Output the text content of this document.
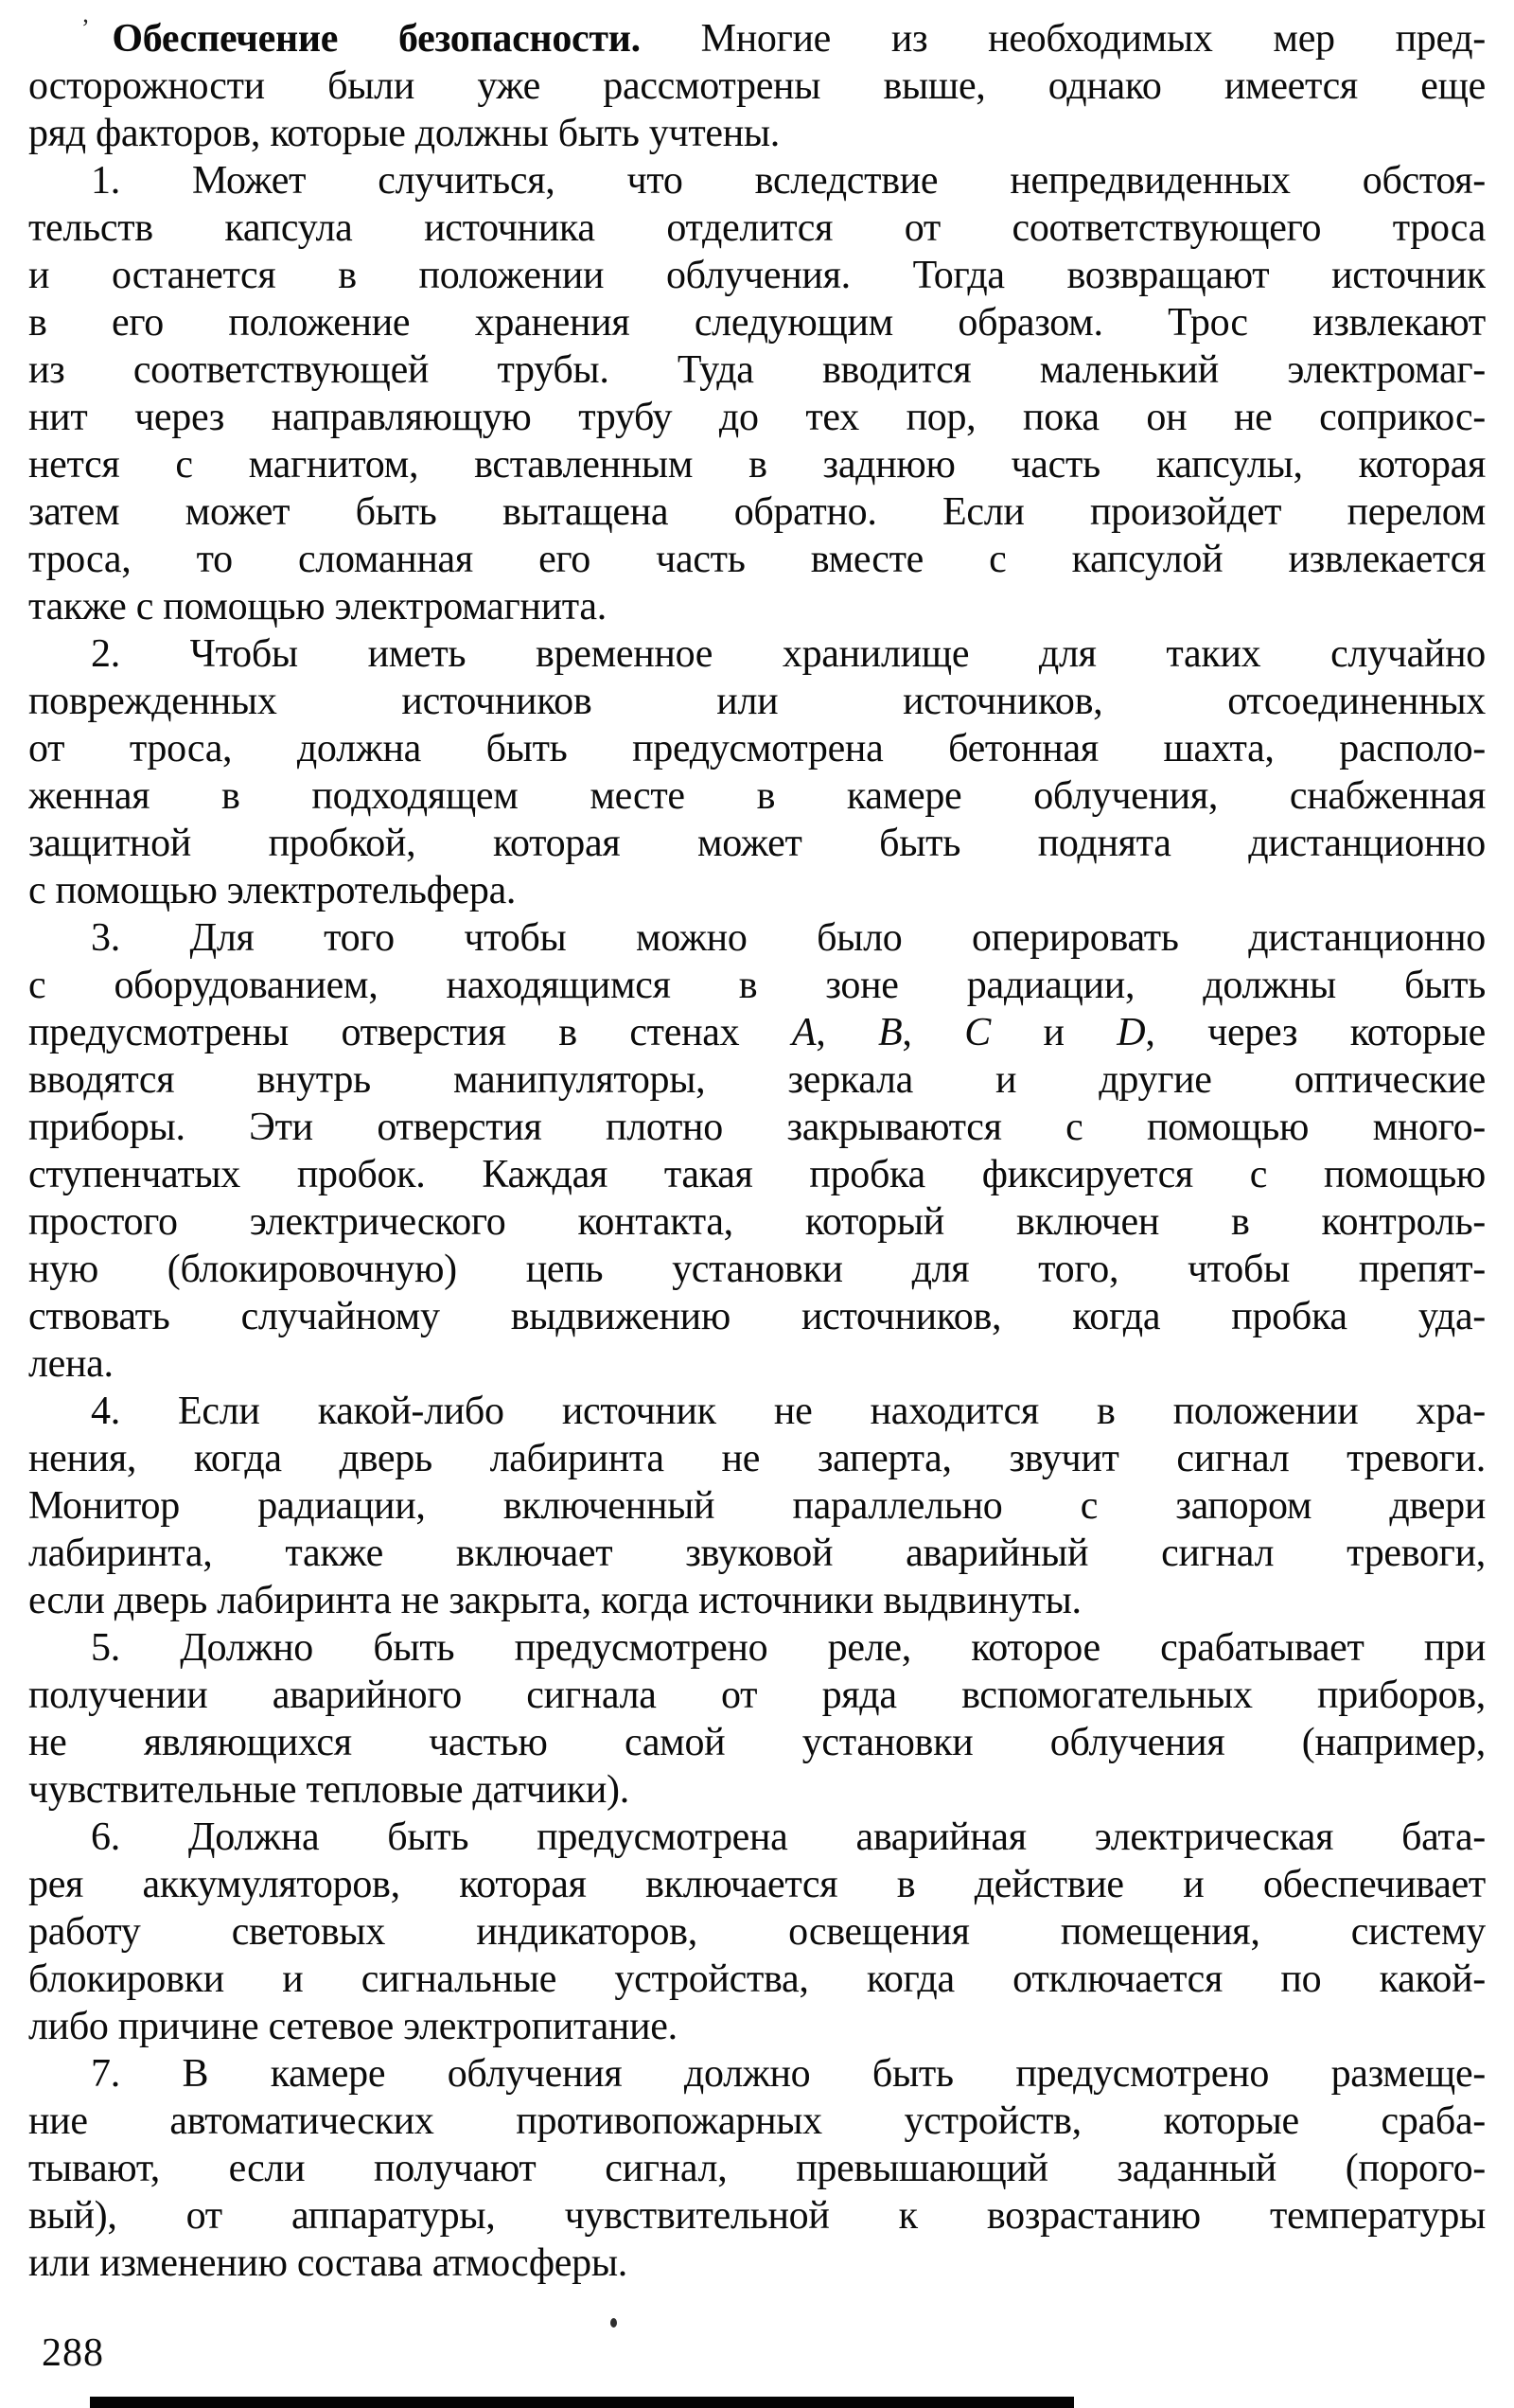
’ Обеспечение безопасности. Многие из необходимых мер пред-
осторожности были уже рассмотрены выше, однако имеется еще
ряд факторов, которые должны быть учтены.
1. Может случиться, что вследствие непредвиденных обстоя-
тельств капсула источника отделится от соответствующего троса
и останется в положении облучения. Тогда возвращают источник
в его положение хранения следующим образом. Трос извлекают
из соответствующей трубы. Туда вводится маленький электромаг-
нит через направляющую трубу до тех пор, пока он не соприкос-
нется с магнитом, вставленным в заднюю часть капсулы, которая
затем может быть вытащена обратно. Если произойдет перелом
троса, то сломанная его часть вместе с капсулой извлекается
также с помощью электромагнита.
2. Чтобы иметь временное хранилище для таких случайно
поврежденных источников или источников, отсоединенных
от троса, должна быть предусмотрена бетонная шахта, располо-
женная в подходящем месте в камере облучения, снабженная
защитной пробкой, которая может быть поднята дистанционно
с помощью электротельфера.
3. Для того чтобы можно было оперировать дистанционно
с оборудованием, находящимся в зоне радиации, должны быть
предусмотрены отверстия в стенах A, B, C и D, через которые
вводятся внутрь манипуляторы, зеркала и другие оптические
приборы. Эти отверстия плотно закрываются с помощью много-
ступенчатых пробок. Каждая такая пробка фиксируется с помощью
простого электрического контакта, который включен в контроль-
ную (блокировочную) цепь установки для того, чтобы препят-
ствовать случайному выдвижению источников, когда пробка уда-
лена.
4. Если какой-либо источник не находится в положении хра-
нения, когда дверь лабиринта не заперта, звучит сигнал тревоги.
Монитор радиации, включенный параллельно с запором двери
лабиринта, также включает звуковой аварийный сигнал тревоги,
если дверь лабиринта не закрыта, когда источники выдвинуты.
5. Должно быть предусмотрено реле, которое срабатывает при
получении аварийного сигнала от ряда вспомогательных приборов,
не являющихся частью самой установки облучения (например,
чувствительные тепловые датчики).
6. Должна быть предусмотрена аварийная электрическая бата-
рея аккумуляторов, которая включается в действие и обеспечивает
работу световых индикаторов, освещения помещения, систему
блокировки и сигнальные устройства, когда отключается по какой-
либо причине сетевое электропитание.
7. В камере облучения должно быть предусмотрено размеще-
ние автоматических противопожарных устройств, которые сраба-
тывают, если получают сигнал, превышающий заданный (порого-
вый), от аппаратуры, чувствительной к возрастанию температуры
или изменению состава атмосферы.
288
